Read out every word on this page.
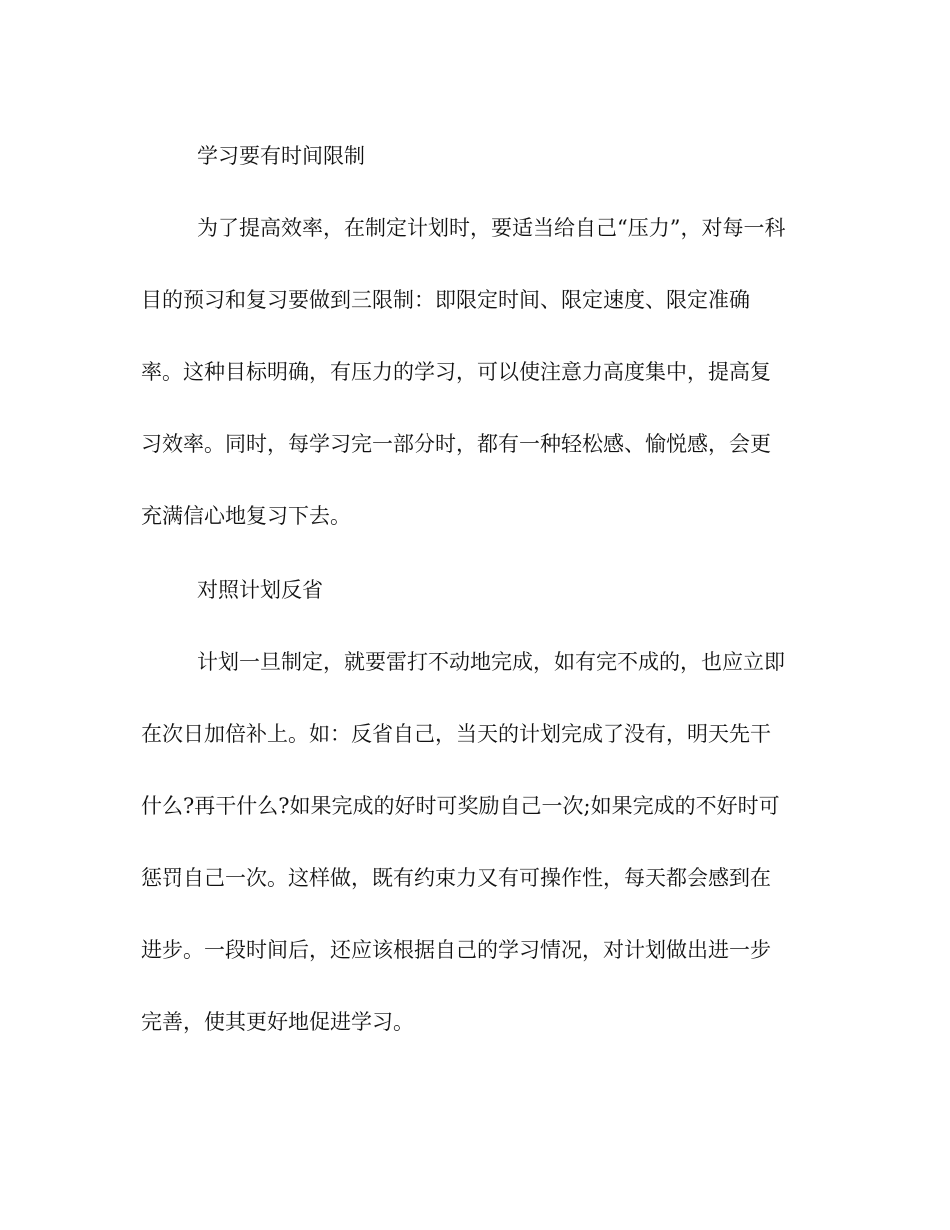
学习要有时间限制
为了提高效率，在制定计划时，要适当给自己“压力”，对每一科
目的预习和复习要做到三限制：即限定时间、限定速度、限定准确
率。这种目标明确，有压力的学习，可以使注意力高度集中，提高复
习效率。同时，每学习完一部分时，都有一种轻松感、愉悦感，会更
充满信心地复习下去。
对照计划反省
计划一旦制定，就要雷打不动地完成，如有完不成的，也应立即
在次日加倍补上。如：反省自己，当天的计划完成了没有，明天先干
什么?再干什么?如果完成的好时可奖励自己一次;如果完成的不好时可
惩罚自己一次。这样做，既有约束力又有可操作性，每天都会感到在
进步。一段时间后，还应该根据自己的学习情况，对计划做出进一步
完善，使其更好地促进学习。
